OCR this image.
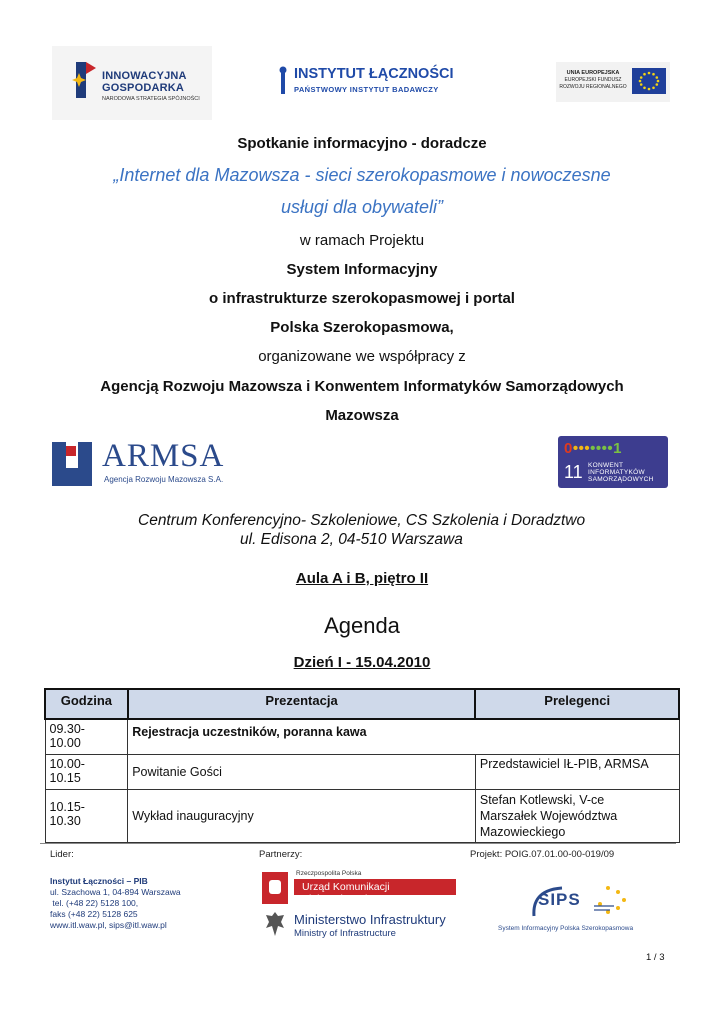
INNOWACYJNA
GOSPODARKA
NARODOWA STRATEGIA SPÓJNOŚCI
INSTYTUT ŁĄCZNOŚCI
PAŃSTWOWY INSTYTUT BADAWCZY
UNIA EUROPEJSKA
EUROPEJSKI FUNDUSZ
ROZWOJU REGIONALNEGO
Spotkanie informacyjno - doradcze
„Internet dla Mazowsza - sieci szerokopasmowe i nowoczesne
usługi dla obywateli”
w ramach Projektu
System Informacyjny
o infrastrukturze szerokopasmowej i portal
Polska Szerokopasmowa,
organizowane we współpracy z
Agencją Rozwoju Mazowsza i Konwentem Informatyków Samorządowych
Mazowsza
ARMSA
Agencja Rozwoju Mazowsza S.A.
0•••••••1
11 KONWENT
INFORMATYKÓW
SAMORZĄDOWYCH
Centrum Konferencyjno- Szkoleniowe, CS Szkolenia i Doradztwo
ul. Edisona 2, 04-510 Warszawa
Aula A i B, piętro II
Agenda
Dzień I - 15.04.2010
Godzina	Prezentacja	Prelegenci
09.30-
10.00	Rejestracja uczestników, poranna kawa	
10.00-
10.15	Powitanie Gości	Przedstawiciel IŁ-PIB, ARMSA
10.15-
10.30	Wykład inauguracyjny	Stefan Kotlewski, V-ce
Marszałek Województwa
Mazowieckiego
Lider:	Partnerzy:	Projekt: POIG.07.01.00-00-019/09
Instytut Łączności – PIB
ul. Szachowa 1, 04-894 Warszawa
tel. (+48 22) 5128 100,
faks (+48 22) 5128 625
www.itl.waw.pl, sips@itl.waw.pl
Rzeczpospolita Polska
Urząd Komunikacji Elektronicznej
Ministerstwo Infrastruktury
Ministry of Infrastructure
SIPS
System Informacyjny Polska Szerokopasmowa
1 / 3
